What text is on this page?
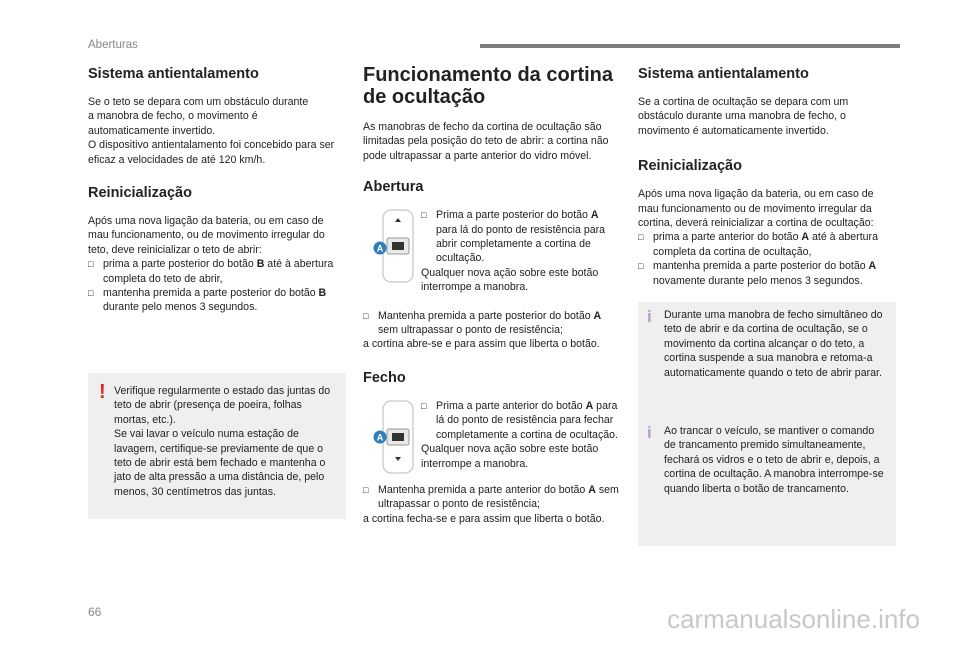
Aberturas
Sistema antientalamento

Se o teto se depara com um obstáculo durante a manobra de fecho, o movimento é automaticamente invertido.

O dispositivo antientalamento foi concebido para ser eficaz a velocidades de até 120 km/h.

Reinicialização

Após uma nova ligação da bateria, ou em caso de mau funcionamento, ou de movimento irregular do teto, deve reinicializar o teto de abrir:

□ prima a parte posterior do botão B até à abertura completa do teto de abrir,
□ mantenha premida a parte posterior do botão B durante pelo menos 3 segundos.
! Verifique regularmente o estado das juntas do teto de abrir (presença de poeira, folhas mortas, etc.).

Se vai lavar o veículo numa estação de lavagem, certifique-se previamente de que o teto de abrir está bem fechado e mantenha o jato de alta pressão a uma distância de, pelo menos, 30 centímetros das juntas.

Funcionamento da cortina de ocultação

As manobras de fecho da cortina de ocultação são limitadas pela posição do teto de abrir: a cortina não pode ultrapassar a parte anterior do vidro móvel.

Abertura
A
□ Prima a parte posterior do botão A para lá do ponto de resistência para abrir completamente a cortina de ocultação.

Qualquer nova ação sobre este botão interrompe a manobra.

□ Mantenha premida a parte posterior do botão A sem ultrapassar o ponto de resistência;

a cortina abre-se e para assim que liberta o botão.

Fecho
A
□ Prima a parte anterior do botão A para lá do ponto de resistência para fechar completamente a cortina de ocultação.

Qualquer nova ação sobre este botão interrompe a manobra.

□ Mantenha premida a parte anterior do botão A sem ultrapassar o ponto de resistência;

a cortina fecha-se e para assim que liberta o botão.

Sistema antientalamento

Se a cortina de ocultação se depara com um obstáculo durante uma manobra de fecho, o movimento é automaticamente invertido.

Reinicialização

Após uma nova ligação da bateria, ou em caso de mau funcionamento ou de movimento irregular da cortina, deverá reinicializar a cortina de ocultação:

□ prima a parte anterior do botão A até à abertura completa da cortina de ocultação,
□ mantenha premida a parte posterior do botão A novamente durante pelo menos 3 segundos.
i Durante uma manobra de fecho simultâneo do teto de abrir e da cortina de ocultação, se o movimento da cortina alcançar o do teto, a cortina suspende a sua manobra e retoma-a automaticamente quando o teto de abrir parar.

i Ao trancar o veículo, se mantiver o comando de trancamento premido simultaneamente, fechará os vidros e o teto de abrir e, depois, a cortina de ocultação. A manobra interrompe-se quando liberta o botão de trancamento.

66	carmanualsonline.info
